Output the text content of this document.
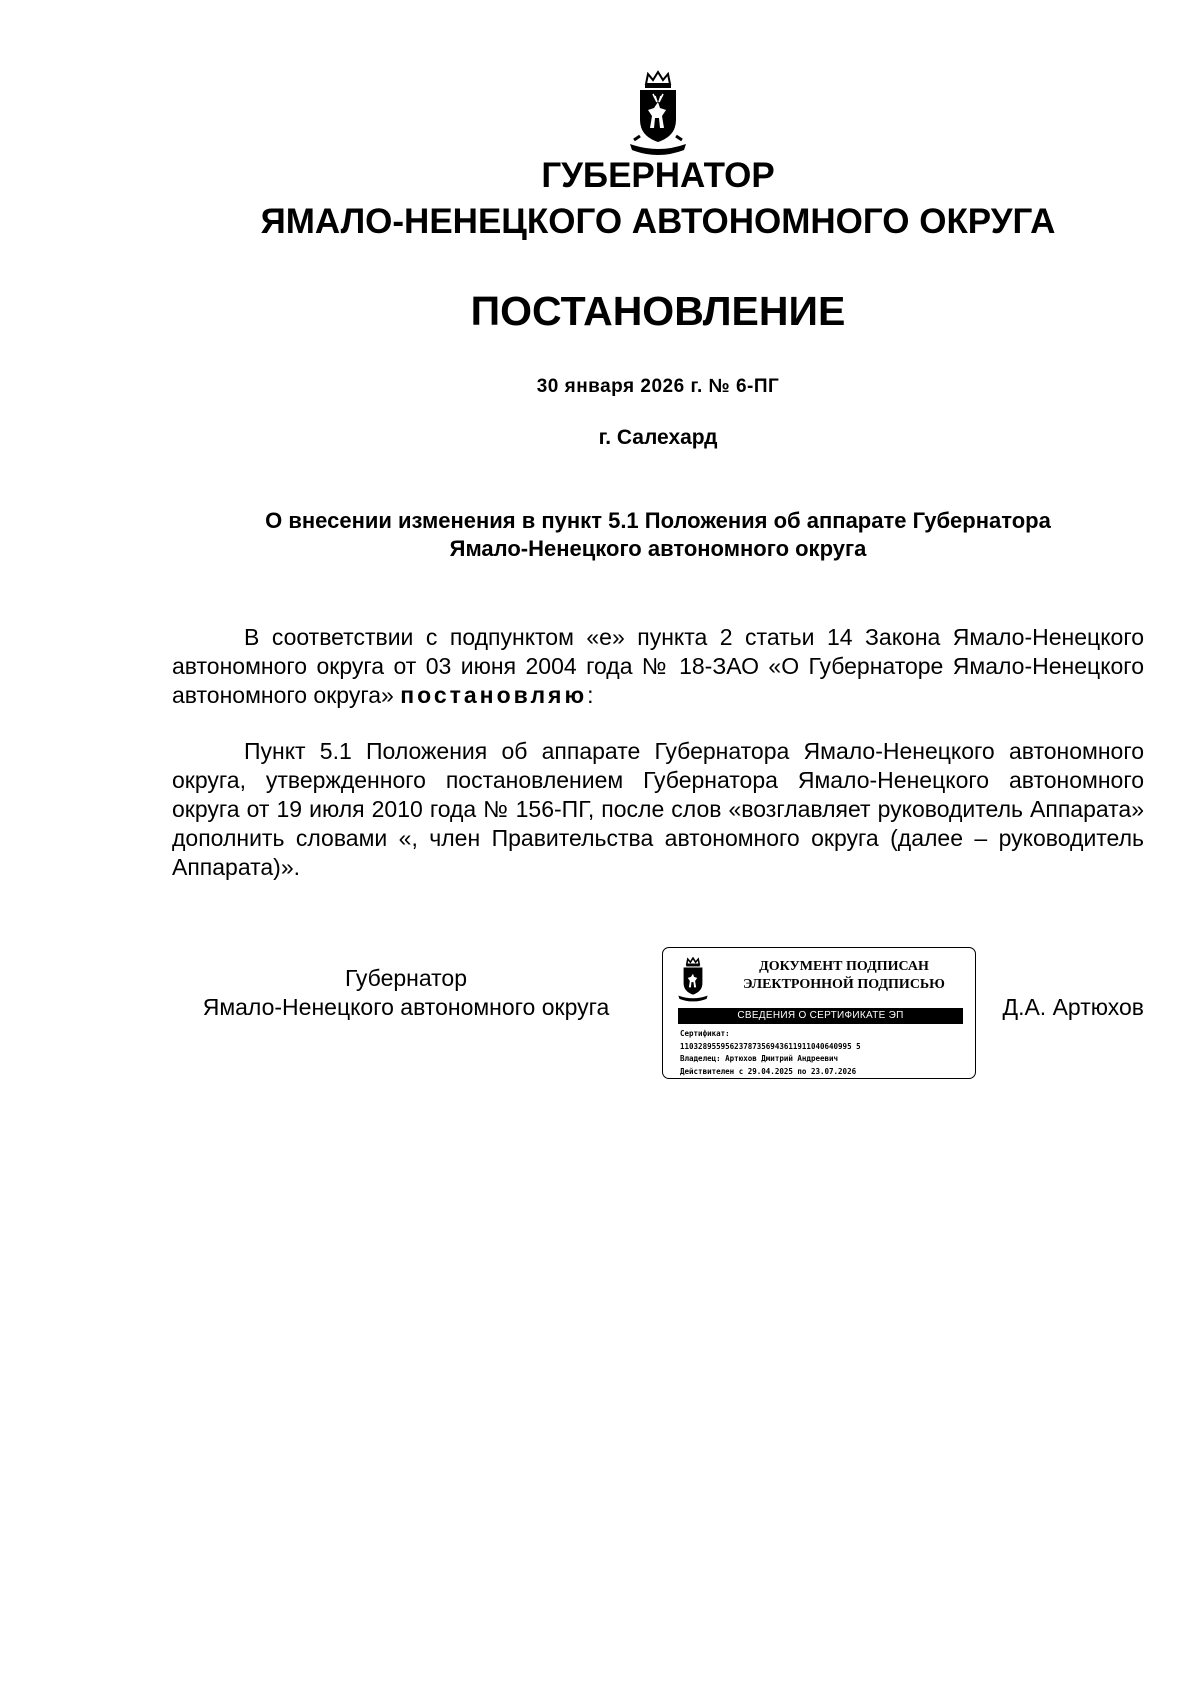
ГУБЕРНАТОР
ЯМАЛО-НЕНЕЦКОГО АВТОНОМНОГО ОКРУГА
ПОСТАНОВЛЕНИЕ
30 января 2026 г. № 6-ПГ
г. Салехард
О внесении изменения в пункт 5.1 Положения об аппарате Губернатора
Ямало-Ненецкого автономного округа

В соответствии с подпунктом «е» пункта 2 статьи 14 Закона Ямало-Ненецкого автономного округа от 03 июня 2004 года № 18-ЗАО «О Губернаторе Ямало-Ненецкого автономного округа» постановляю:

Пункт 5.1 Положения об аппарате Губернатора Ямало-Ненецкого автономного округа, утвержденного постановлением Губернатора Ямало-Ненецкого автономного округа от 19 июля 2010 года № 156-ПГ, после слов «возглавляет руководитель Аппарата» дополнить словами «, член Правительства автономного округа (далее – руководитель Аппарата)».

Губернатор
Ямало-Ненецкого автономного округа
ДОКУМЕНТ ПОДПИСАН
ЭЛЕКТРОННОЙ ПОДПИСЬЮ
СВЕДЕНИЯ О СЕРТИФИКАТЕ ЭП
Сертификат:
11032895595623787356943611911040640995 5
Владелец: Артюхов Дмитрий Андреевич
Действителен с 29.04.2025 по 23.07.2026
Д.А. Артюхов
